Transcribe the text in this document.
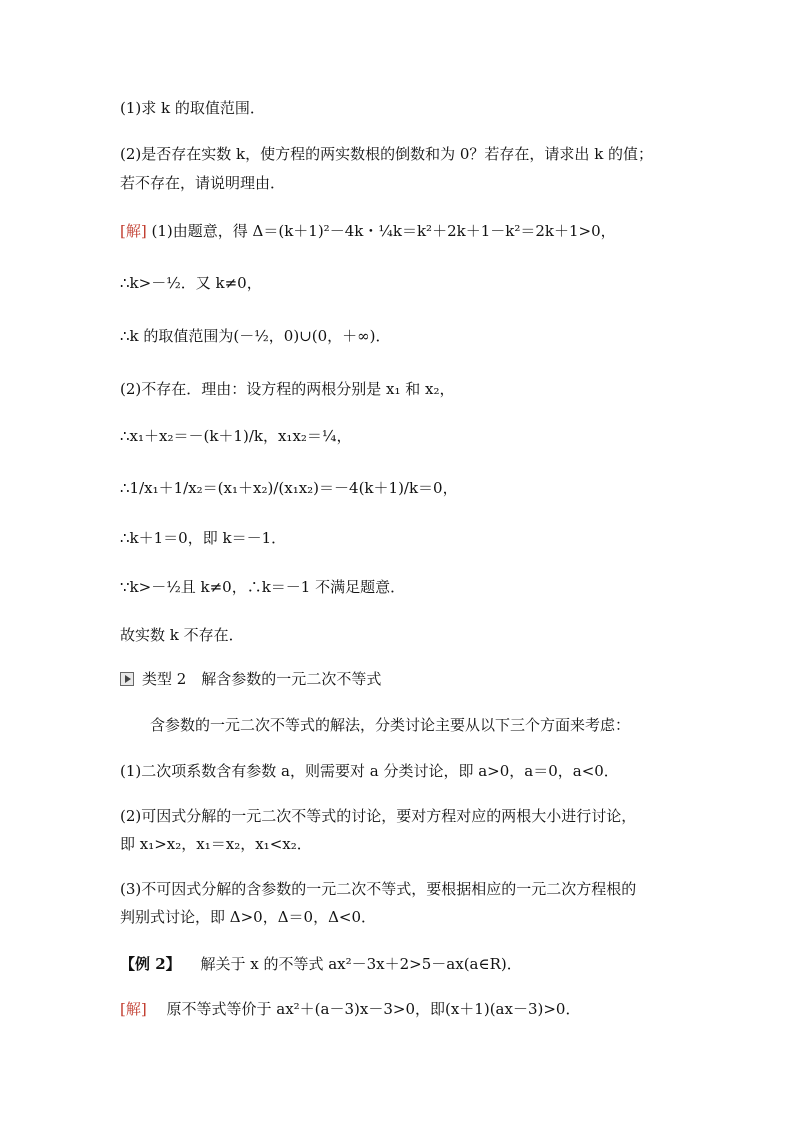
(1)求 k 的取值范围．
(2)是否存在实数 k，使方程的两实数根的倒数和为 0？若存在，请求出 k 的值；
若不存在，请说明理由．
[解] (1)由题意，得 Δ＝(k＋1)²－4k・¼k＝k²＋2k＋1－k²＝2k＋1>0，
∴k>－½．又 k≠0，
∴k 的取值范围为(－½，0)∪(0，＋∞)．
(2)不存在．理由：设方程的两根分别是 x₁ 和 x₂，
∴x₁＋x₂＝－(k＋1)/k，x₁x₂＝¼，
∴1/x₁＋1/x₂＝(x₁＋x₂)/(x₁x₂)＝－4(k＋1)/k＝0，
∴k＋1＝0，即 k＝－1．
∵k>－½且 k≠0，∴k＝－1 不满足题意．
故实数 k 不存在．
类型 2　解含参数的一元二次不等式
含参数的一元二次不等式的解法，分类讨论主要从以下三个方面来考虑：
(1)二次项系数含有参数 a，则需要对 a 分类讨论，即 a>0，a＝0，a<0．
(2)可因式分解的一元二次不等式的讨论，要对方程对应的两根大小进行讨论，
即 x₁>x₂，x₁＝x₂，x₁<x₂．
(3)不可因式分解的含参数的一元二次不等式，要根据相应的一元二次方程根的
判别式讨论，即 Δ>0，Δ＝0，Δ<0．
【例 2】 　解关于 x 的不等式 ax²－3x＋2>5－ax(a∈R)．
[解] 　原不等式等价于 ax²＋(a－3)x－3>0，即(x＋1)(ax－3)>0．
